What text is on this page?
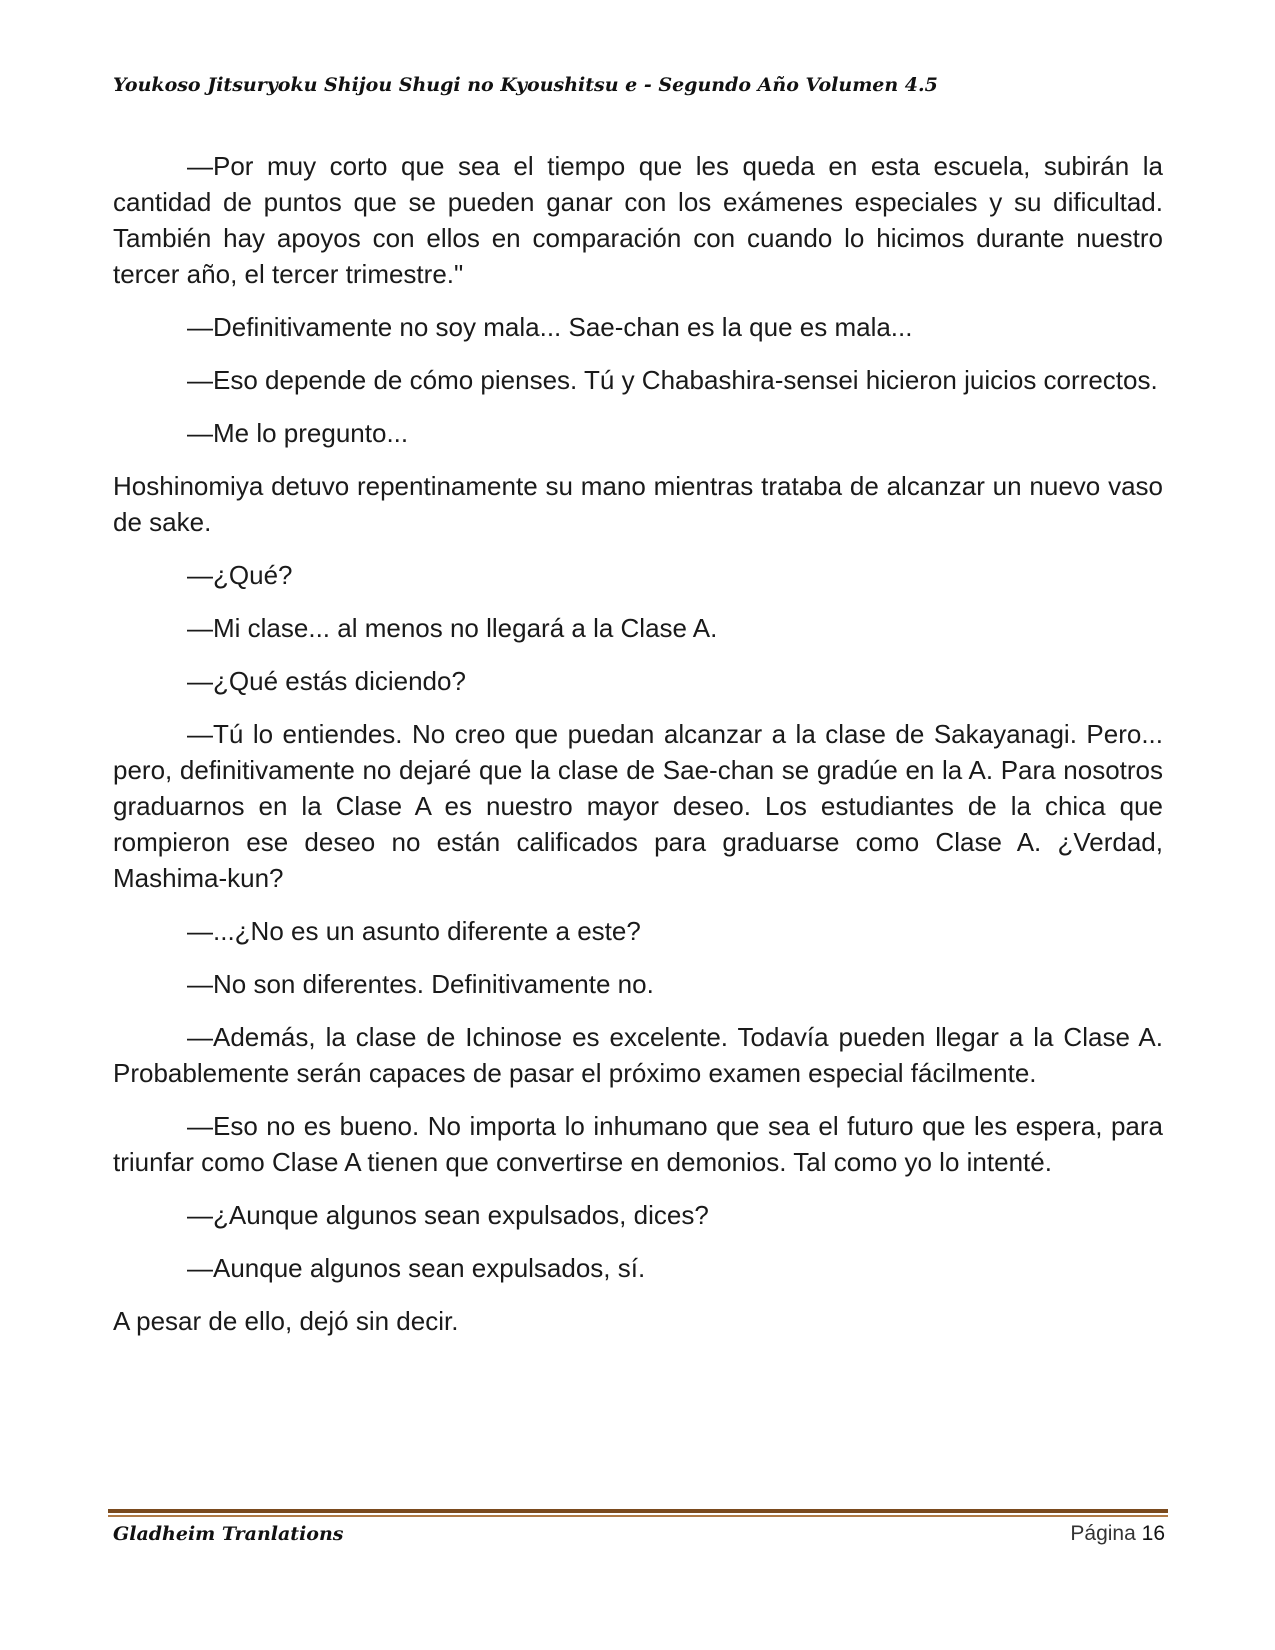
Youkoso Jitsuryoku Shijou Shugi no Kyoushitsu e - Segundo Año Volumen 4.5

—Por muy corto que sea el tiempo que les queda en esta escuela, subirán la cantidad de puntos que se pueden ganar con los exámenes especiales y su dificultad. También hay apoyos con ellos en comparación con cuando lo hicimos durante nuestro tercer año, el tercer trimestre."

—Definitivamente no soy mala... Sae-chan es la que es mala...

—Eso depende de cómo pienses. Tú y Chabashira-sensei hicieron juicios correctos.

—Me lo pregunto...

Hoshinomiya detuvo repentinamente su mano mientras trataba de alcanzar un nuevo vaso de sake.

—¿Qué?

—Mi clase... al menos no llegará a la Clase A.

—¿Qué estás diciendo?

—Tú lo entiendes. No creo que puedan alcanzar a la clase de Sakayanagi. Pero... pero, definitivamente no dejaré que la clase de Sae-chan se gradúe en la A. Para nosotros graduarnos en la Clase A es nuestro mayor deseo. Los estudiantes de la chica que rompieron ese deseo no están calificados para graduarse como Clase A. ¿Verdad, Mashima-kun?

—...¿No es un asunto diferente a este?

—No son diferentes. Definitivamente no.

—Además, la clase de Ichinose es excelente. Todavía pueden llegar a la Clase A. Probablemente serán capaces de pasar el próximo examen especial fácilmente.

—Eso no es bueno. No importa lo inhumano que sea el futuro que les espera, para triunfar como Clase A tienen que convertirse en demonios. Tal como yo lo intenté.

—¿Aunque algunos sean expulsados, dices?

—Aunque algunos sean expulsados, sí.

A pesar de ello, dejó sin decir.

Gladheim Tranlations	Página 16
